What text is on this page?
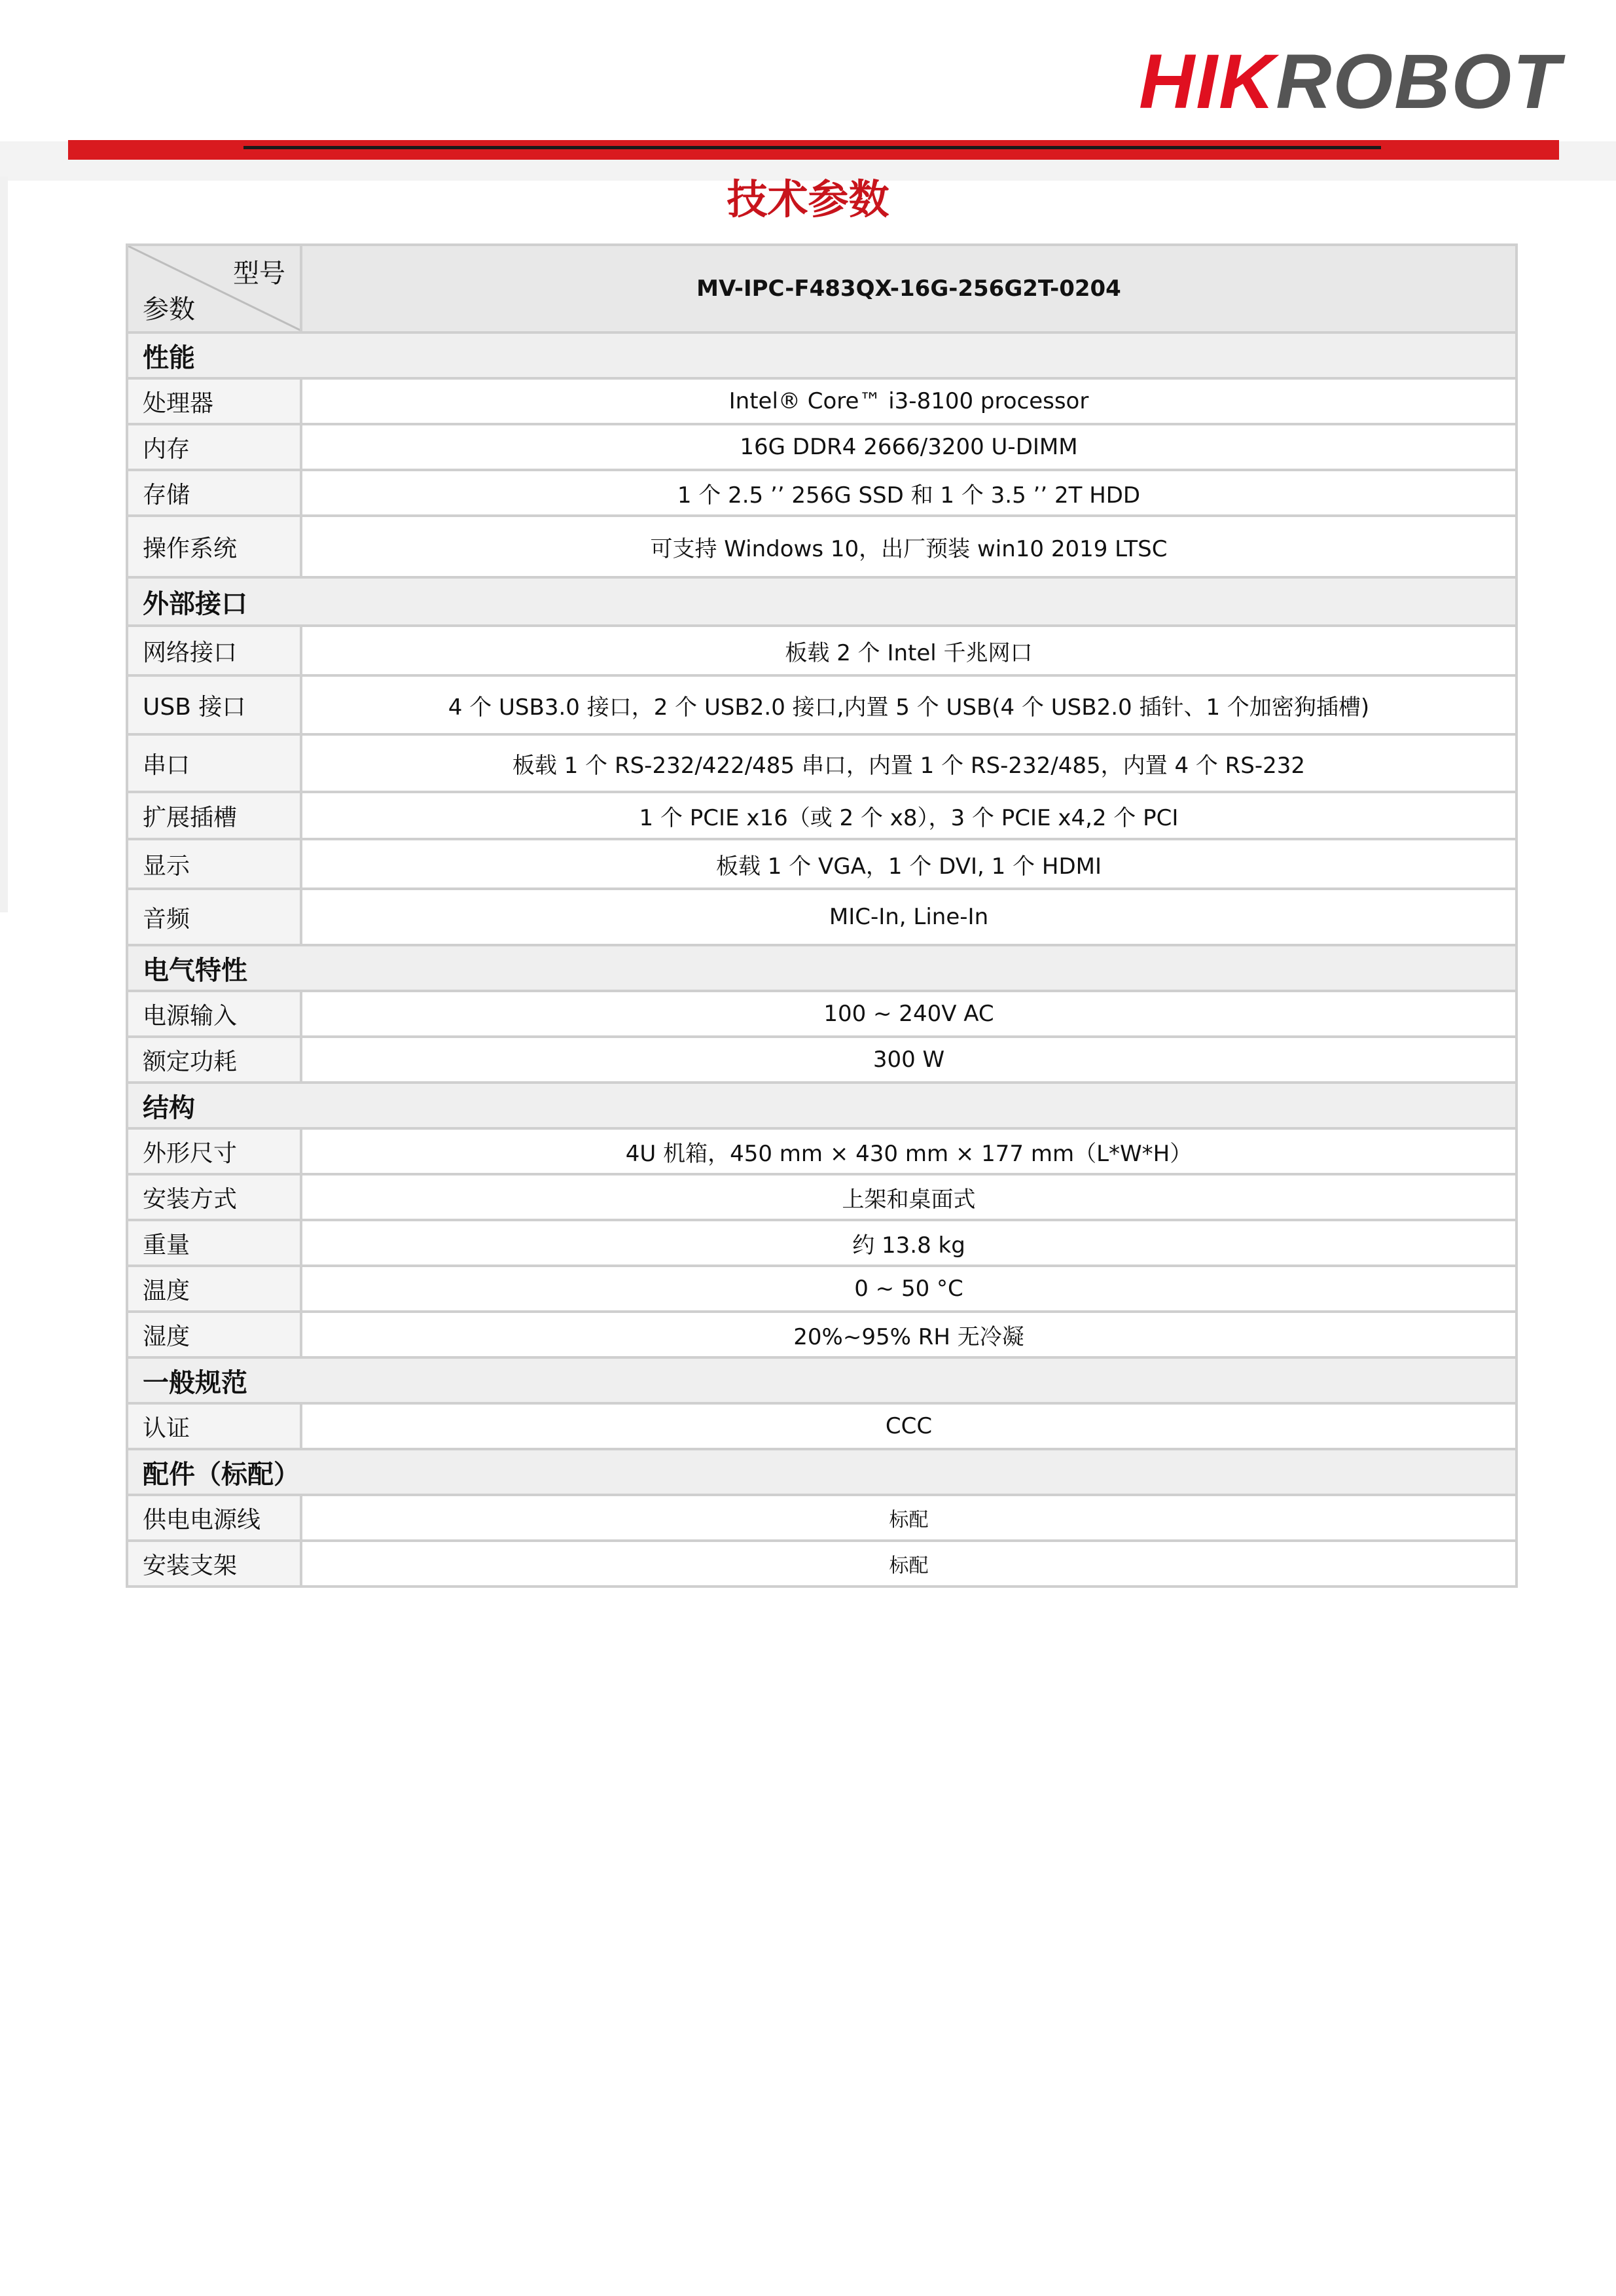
HIKROBOT
技术参数
型号
参数	MV-IPC-F483QX-16G-256G2T-0204
性能	
处理器	Intel® Core™ i3-8100 processor
内存	16G DDR4 2666/3200 U-DIMM
存储	1 个 2.5 ’’ 256G SSD 和 1 个 3.5 ’’ 2T HDD
操作系统	可支持 Windows 10，出厂预装 win10 2019 LTSC
外部接口	
网络接口	板载 2 个 Intel 千兆网口
USB 接口	4 个 USB3.0 接口，2 个 USB2.0 接口,内置 5 个 USB(4 个 USB2.0 插针、1 个加密狗插槽)
串口	板载 1 个 RS-232/422/485 串口，内置 1 个 RS-232/485，内置 4 个 RS-232
扩展插槽	1 个 PCIE x16（或 2 个 x8），3 个 PCIE x4,2 个 PCI
显示	板载 1 个 VGA，1 个 DVI, 1 个 HDMI
音频	MIC-In, Line-In
电气特性	
电源输入	100 ~ 240V AC
额定功耗	300 W
结构	
外形尺寸	4U 机箱，450 mm × 430 mm × 177 mm（L*W*H）
安装方式	上架和桌面式
重量	约 13.8 kg
温度	0 ~ 50 °C
湿度	20%~95% RH 无冷凝
一般规范	
认证	CCC
配件（标配）	
供电电源线	标配
安装支架	标配
